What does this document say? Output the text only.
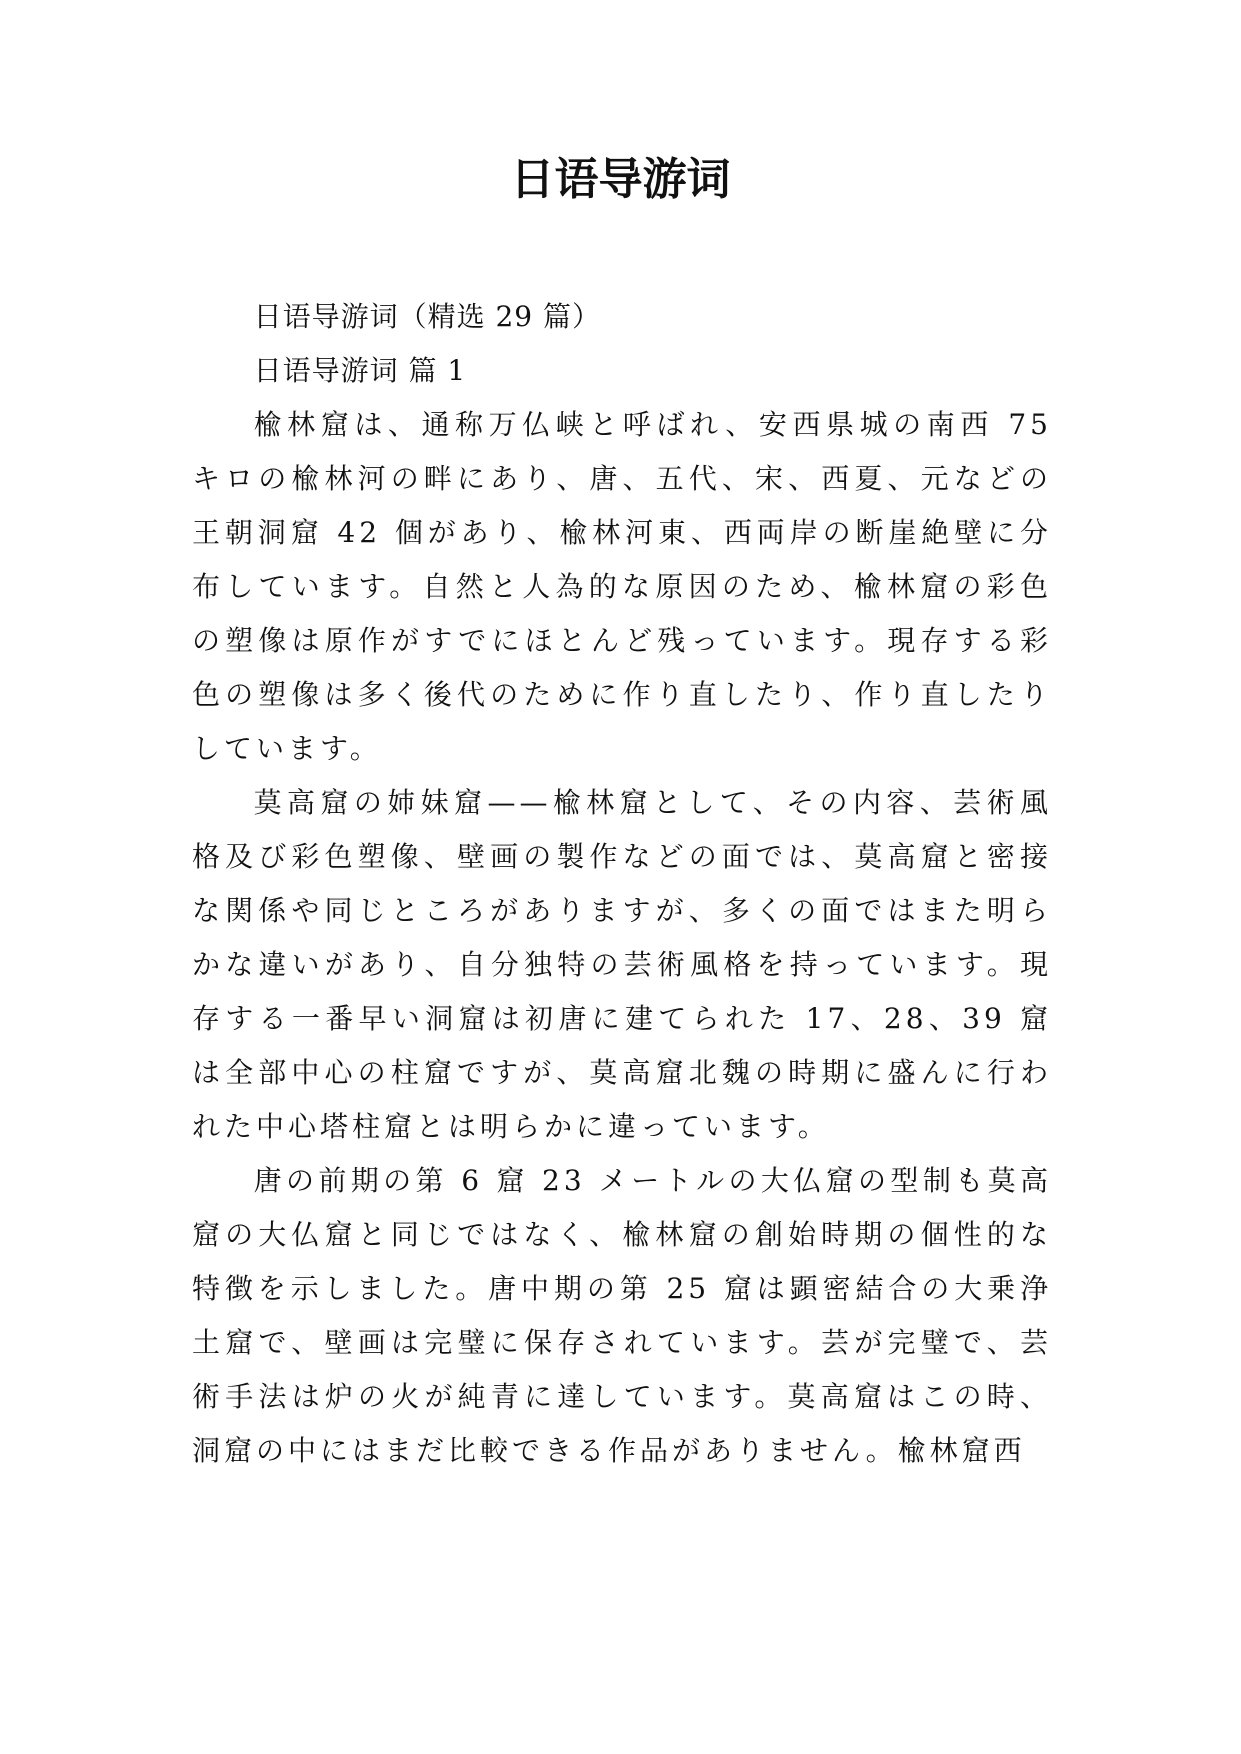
日语导游词

日语导游词（精选 29 篇）

日语导游词 篇 1

楡林窟は、通称万仏峡と呼ばれ、安西県城の南西 75 キロの楡林河の畔にあり、唐、五代、宋、西夏、元などの王朝洞窟 42 個があり、楡林河東、西両岸の断崖絶壁に分布しています。自然と人為的な原因のため、楡林窟の彩色の塑像は原作がすでにほとんど残っています。現存する彩色の塑像は多く後代のために作り直したり、作り直したりしています。

莫高窟の姉妹窟——楡林窟として、その内容、芸術風格及び彩色塑像、壁画の製作などの面では、莫高窟と密接な関係や同じところがありますが、多くの面ではまた明らかな違いがあり、自分独特の芸術風格を持っています。現存する一番早い洞窟は初唐に建てられた 17、28、39 窟は全部中心の柱窟ですが、莫高窟北魏の時期に盛んに行われた中心塔柱窟とは明らかに違っています。

唐の前期の第 6 窟 23 メートルの大仏窟の型制も莫高窟の大仏窟と同じではなく、楡林窟の創始時期の個性的な特徴を示しました。唐中期の第 25 窟は顕密結合の大乗浄土窟で、壁画は完璧に保存されています。芸が完璧で、芸術手法は炉の火が純青に達しています。莫高窟はこの時、洞窟の中にはまだ比較できる作品がありません。楡林窟西
